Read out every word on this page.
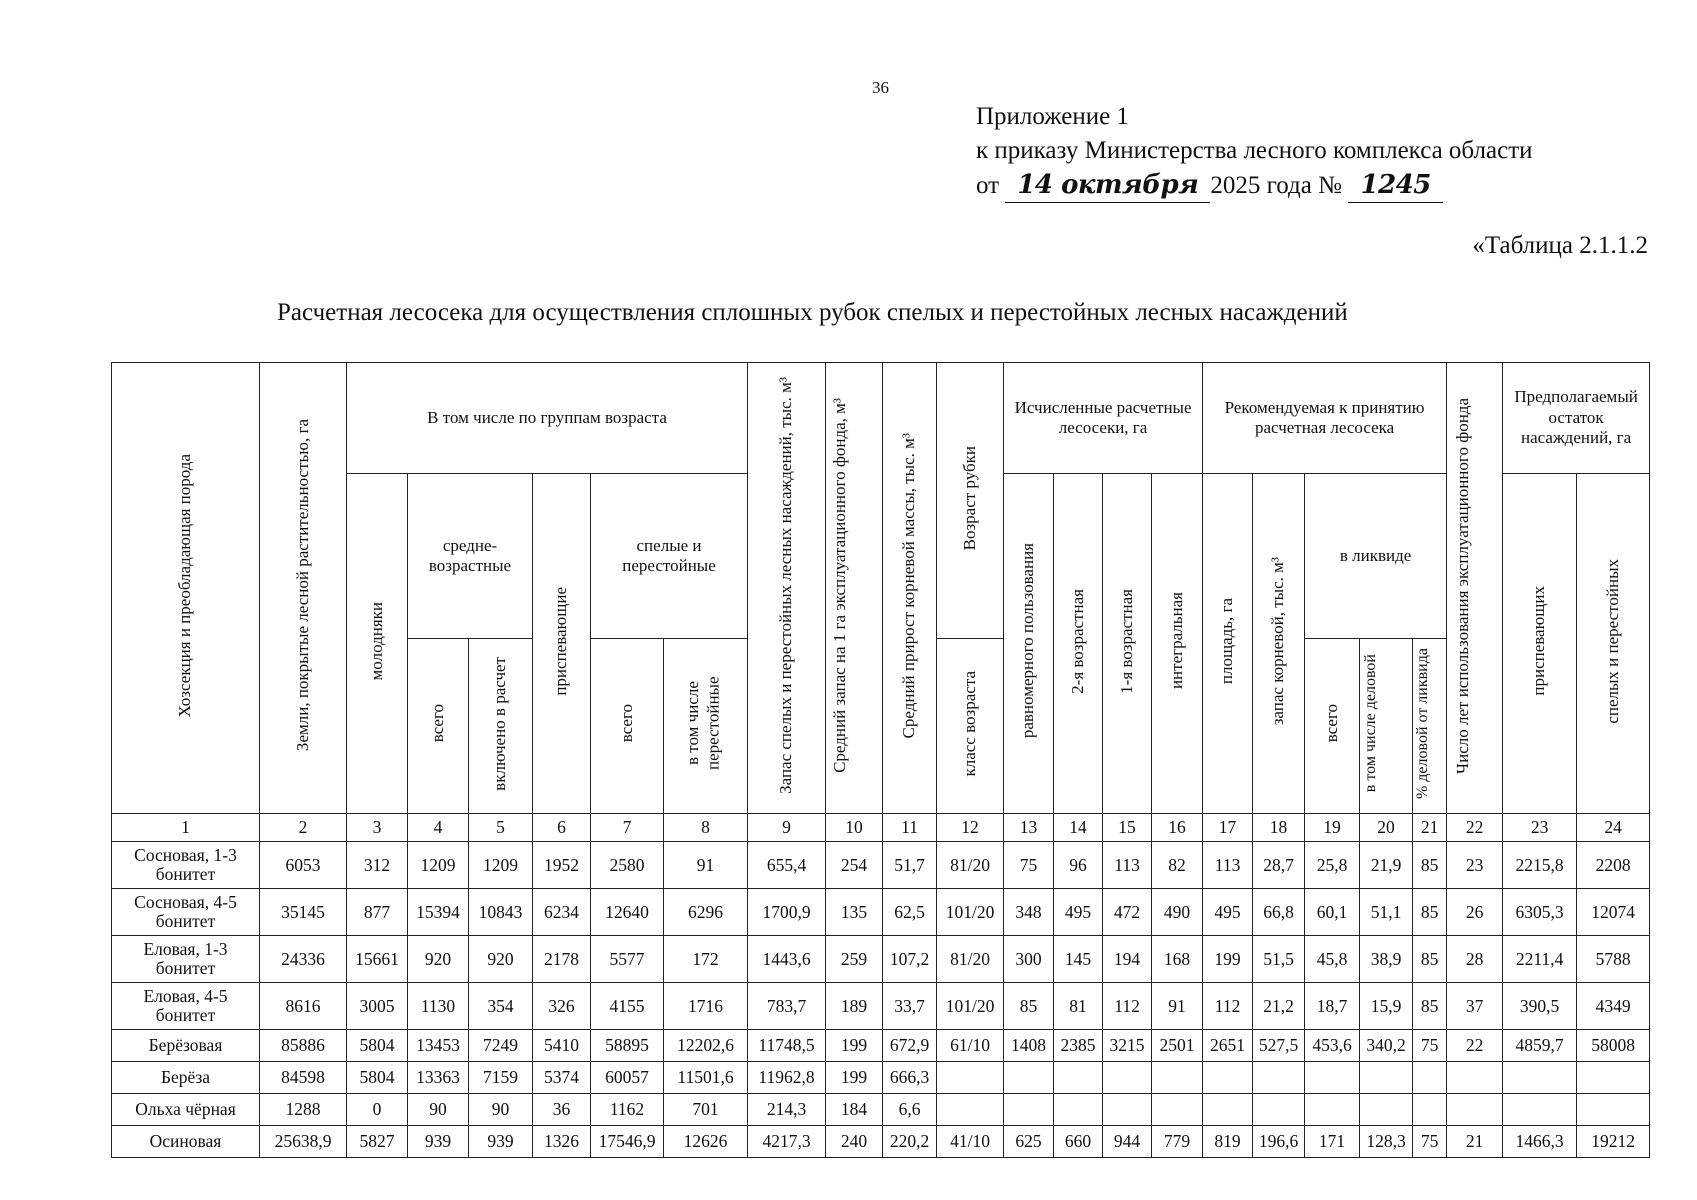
36
Приложение 1
к приказу Министерства лесного комплекса области
от 14 октября 2025 года № 1245
«Таблица 2.1.1.2
Расчетная лесосека для осуществления сплошных рубок спелых и перестойных лесных насаждений
Хозсекция и преобладающая порода	Земли, покрытые лесной растительностью, га	В том числе по группам возраста						Запас спелых и перестойных лесных насаждений, тыс. м³	Средний запас на 1 га эксплуатационного фонда, м³	Средний прирост корневой массы, тыс. м³	Возраст рубки	Исчисленные расчетные лесосеки, га				Рекомендуемая к принятию расчетная лесосека					Число лет использования эксплуатационного фонда	Предполагаемый остаток насаждений, га	
		молодняки	средне-возрастные		приспевающие	спелые и перестойные						равномерного пользования	2-я возрастная	1-я возрастная	интегральная	площадь, га	запас корневой, тыс. м³	в ликвиде				приспевающих	спелых и перестойных
			всего	включено в расчет		всего	в том числе перестойные				класс возраста							всего	в том числе деловой	% деловой от ликвида			
1	2	3	4	5	6	7	8	9	10	11	12	13	14	15	16	17	18	19	20	21	22	23	24
Сосновая, 1-3 бонитет	6053	312	1209	1209	1952	2580	91	655,4	254	51,7	81/20	75	96	113	82	113	28,7	25,8	21,9	85	23	2215,8	2208
Сосновая, 4-5 бонитет	35145	877	15394	10843	6234	12640	6296	1700,9	135	62,5	101/20	348	495	472	490	495	66,8	60,1	51,1	85	26	6305,3	12074
Еловая, 1-3 бонитет	24336	15661	920	920	2178	5577	172	1443,6	259	107,2	81/20	300	145	194	168	199	51,5	45,8	38,9	85	28	2211,4	5788
Еловая, 4-5 бонитет	8616	3005	1130	354	326	4155	1716	783,7	189	33,7	101/20	85	81	112	91	112	21,2	18,7	15,9	85	37	390,5	4349
Берёзовая	85886	5804	13453	7249	5410	58895	12202,6	11748,5	199	672,9	61/10	1408	2385	3215	2501	2651	527,5	453,6	340,2	75	22	4859,7	58008
Берёза	84598	5804	13363	7159	5374	60057	11501,6	11962,8	199	666,3													
Ольха чёрная	1288	0	90	90	36	1162	701	214,3	184	6,6													
Осиновая	25638,9	5827	939	939	1326	17546,9	12626	4217,3	240	220,2	41/10	625	660	944	779	819	196,6	171	128,3	75	21	1466,3	19212
